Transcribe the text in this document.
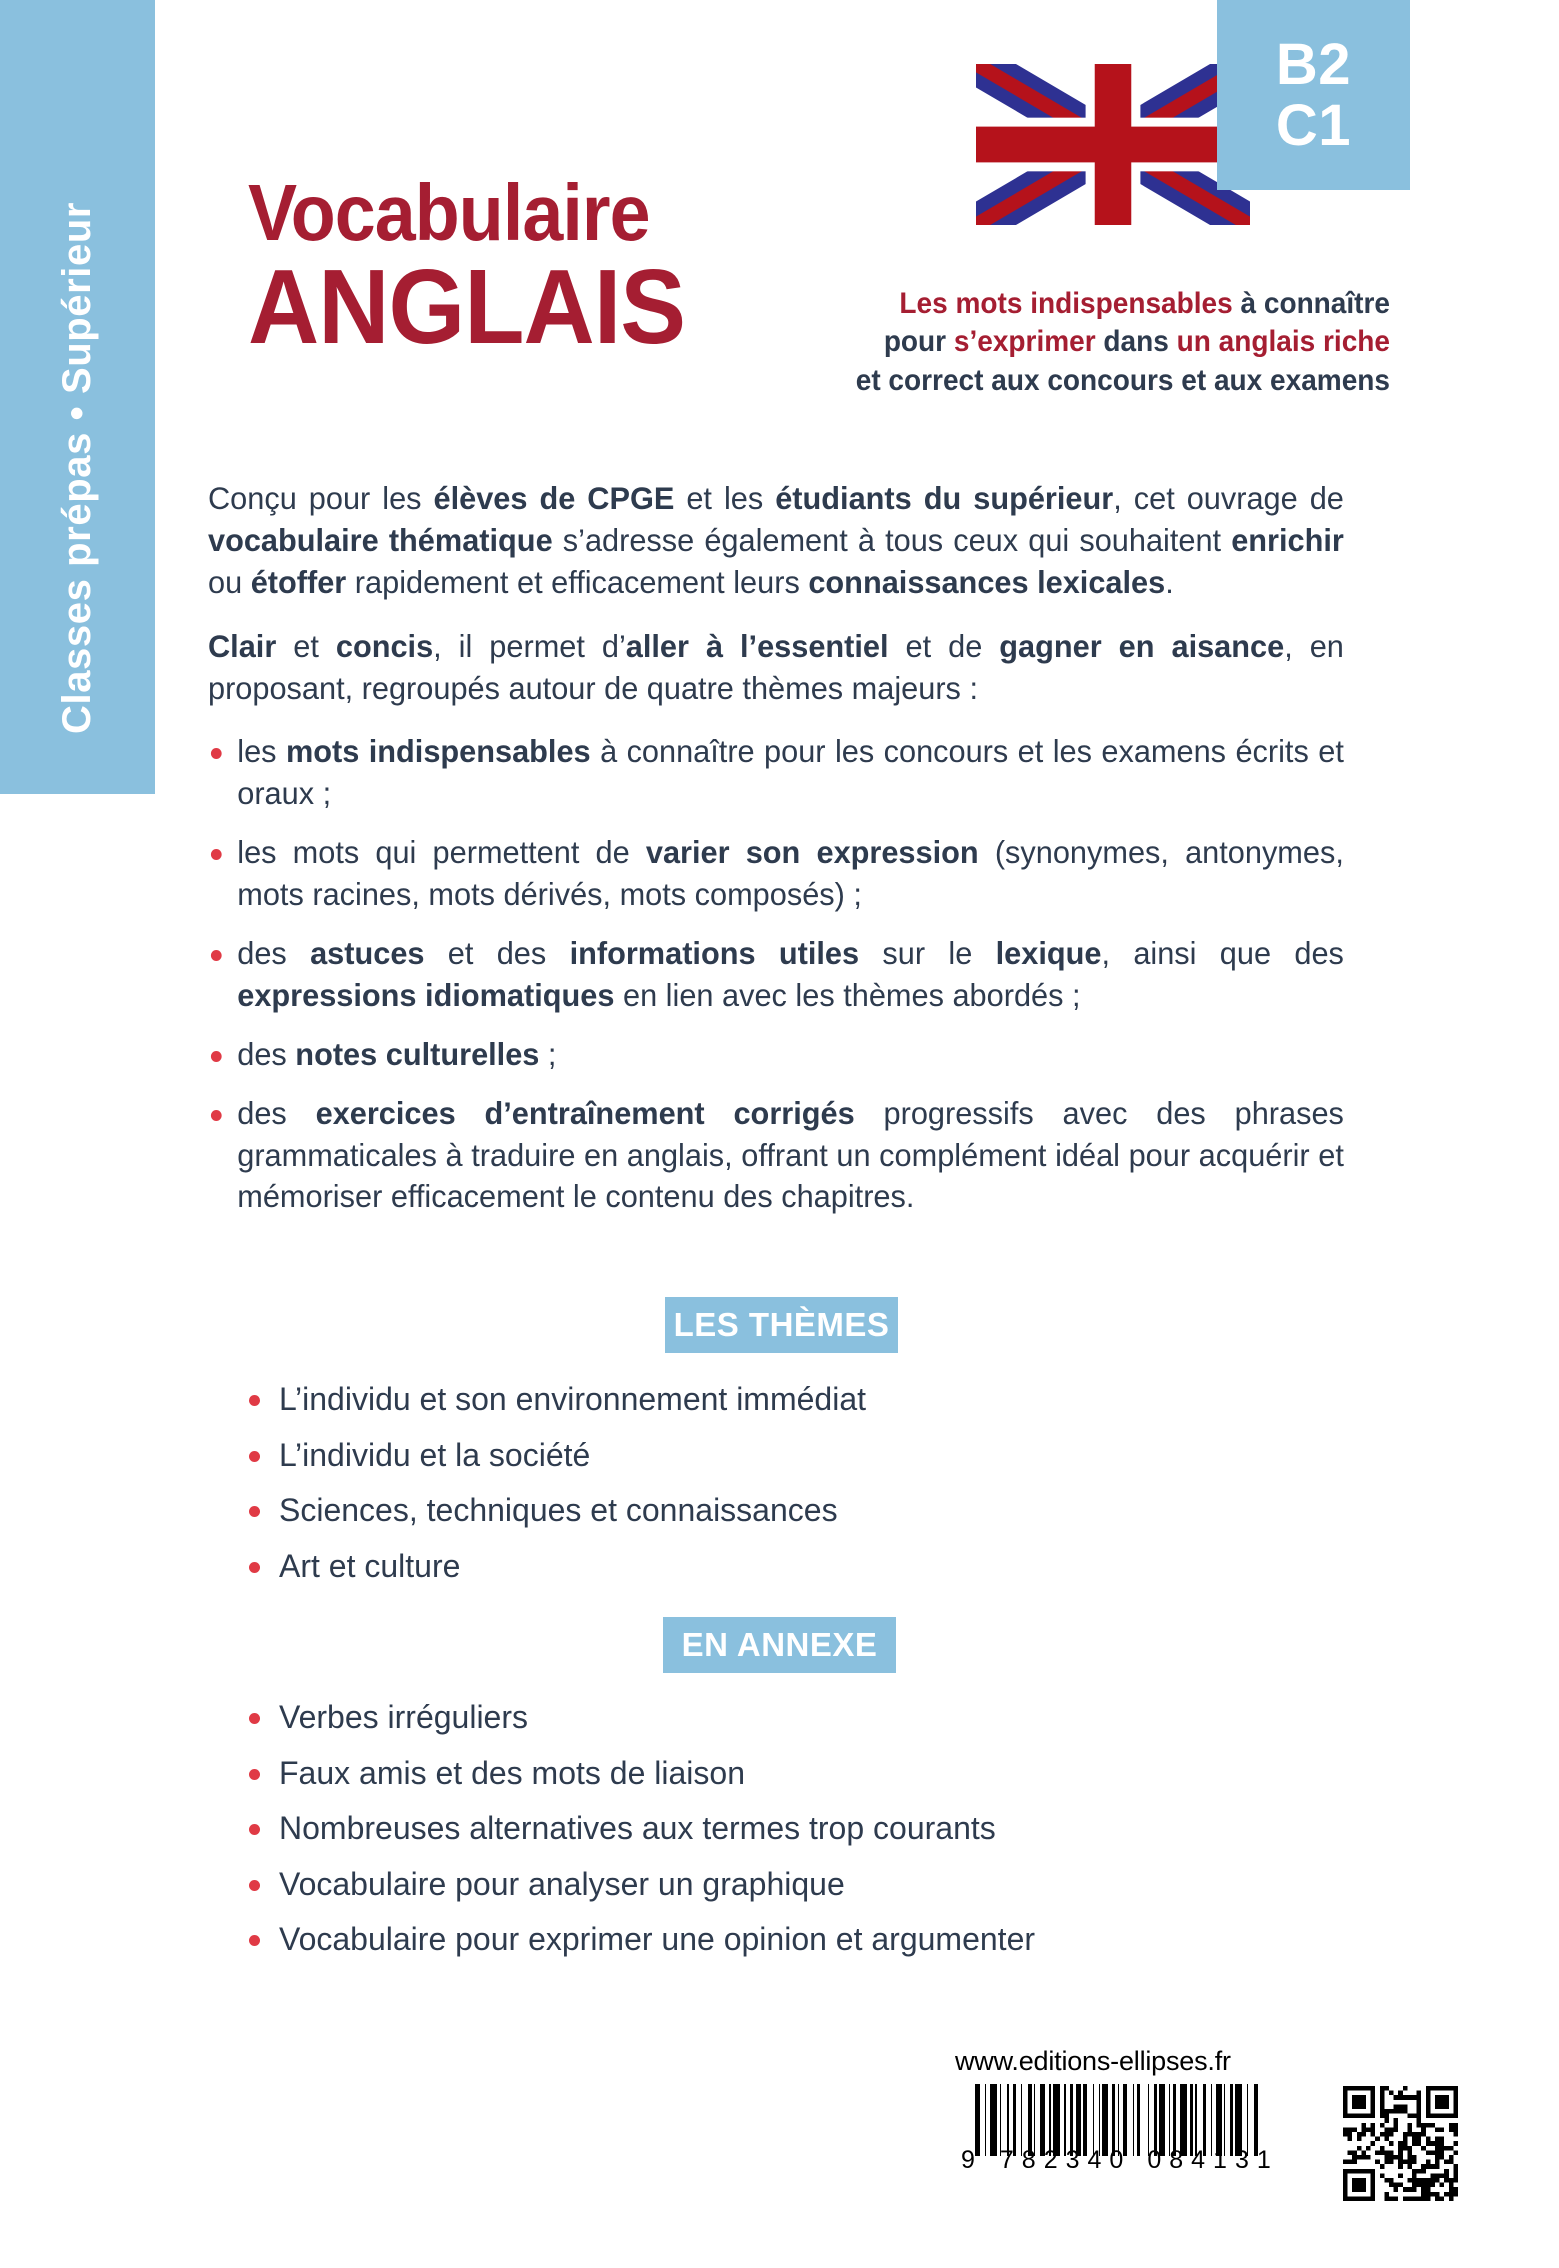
Classes prépas • Supérieur
B2
C1
Vocabulaire
ANGLAIS	Les mots indispensables à connaître
pour s’exprimer dans un anglais riche
et correct aux concours et aux examens

Conçu pour les élèves de CPGE et les étudiants du supérieur, cet ouvrage de vocabulaire thématique s’adresse également à tous ceux qui souhaitent enrichir ou étoffer rapidement et efficacement leurs connaissances lexicales.

Clair et concis, il permet d’aller à l’essentiel et de gagner en aisance, en proposant, regroupés autour de quatre thèmes majeurs :

les mots indispensables à connaître pour les concours et les examens écrits et oraux ;
les mots qui permettent de varier son expression (synonymes, antonymes, mots racines, mots dérivés, mots composés) ;
des astuces et des informations utiles sur le lexique, ainsi que des expressions idiomatiques en lien avec les thèmes abordés ;
des notes culturelles ;
des exercices d’entraînement corrigés progressifs avec des phrases grammaticales à traduire en anglais, offrant un complément idéal pour acquérir et mémoriser efficacement le contenu des chapitres.
LES THÈMES
L’individu et son environnement immédiat
L’individu et la société
Sciences, techniques et connaissances
Art et culture
EN ANNEXE
Verbes irréguliers
Faux amis et des mots de liaison
Nombreuses alternatives aux termes trop courants
Vocabulaire pour analyser un graphique
Vocabulaire pour exprimer une opinion et argumenter
www.editions-ellipses.fr
9 782340 084131
